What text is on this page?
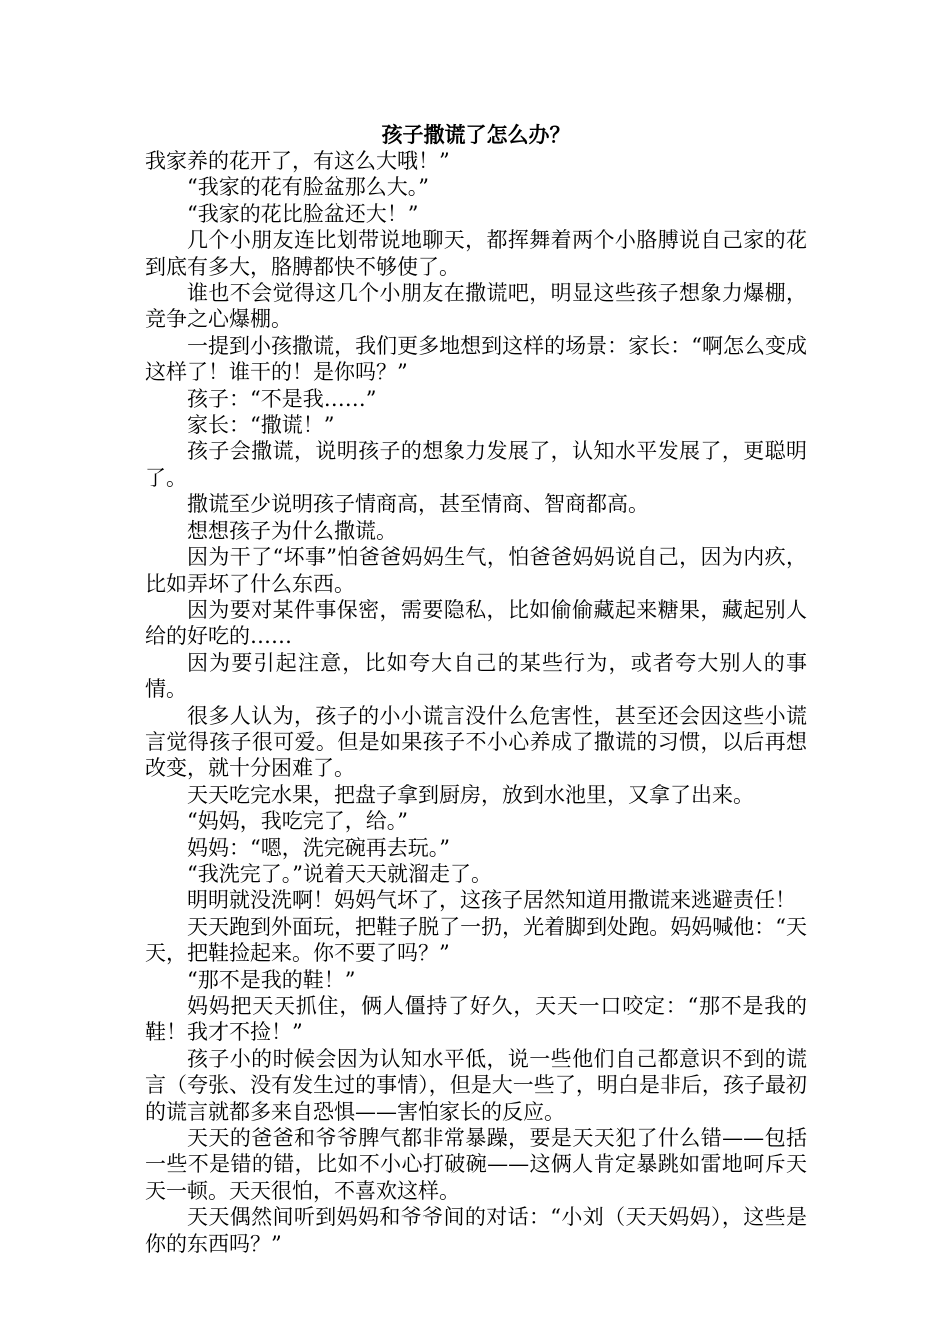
孩子撒谎了怎么办？

我家养的花开了，有这么大哦！”

“我家的花有脸盆那么大。”

“我家的花比脸盆还大！”

几个小朋友连比划带说地聊天，都挥舞着两个小胳膊说自己家的花到底有多大，胳膊都快不够使了。

谁也不会觉得这几个小朋友在撒谎吧，明显这些孩子想象力爆棚，竞争之心爆棚。

一提到小孩撒谎，我们更多地想到这样的场景：家长：“啊怎么变成这样了！谁干的！是你吗？”

孩子：“不是我……”

家长：“撒谎！”

孩子会撒谎，说明孩子的想象力发展了，认知水平发展了，更聪明了。

撒谎至少说明孩子情商高，甚至情商、智商都高。

想想孩子为什么撒谎。

因为干了“坏事”怕爸爸妈妈生气，怕爸爸妈妈说自己，因为内疚，比如弄坏了什么东西。

因为要对某件事保密，需要隐私，比如偷偷藏起来糖果，藏起别人给的好吃的……

因为要引起注意，比如夸大自己的某些行为，或者夸大别人的事情。

很多人认为，孩子的小小谎言没什么危害性，甚至还会因这些小谎言觉得孩子很可爱。但是如果孩子不小心养成了撒谎的习惯，以后再想改变，就十分困难了。

天天吃完水果，把盘子拿到厨房，放到水池里，又拿了出来。

“妈妈，我吃完了，给。”

妈妈：“嗯，洗完碗再去玩。”

“我洗完了。”说着天天就溜走了。

明明就没洗啊！妈妈气坏了，这孩子居然知道用撒谎来逃避责任！

天天跑到外面玩，把鞋子脱了一扔，光着脚到处跑。妈妈喊他：“天天，把鞋捡起来。你不要了吗？”

“那不是我的鞋！”

妈妈把天天抓住，俩人僵持了好久，天天一口咬定：“那不是我的鞋！我才不捡！”

孩子小的时候会因为认知水平低，说一些他们自己都意识不到的谎言（夸张、没有发生过的事情），但是大一些了，明白是非后，孩子最初的谎言就都多来自恐惧——害怕家长的反应。

天天的爸爸和爷爷脾气都非常暴躁，要是天天犯了什么错——包括一些不是错的错，比如不小心打破碗——这俩人肯定暴跳如雷地呵斥天天一顿。天天很怕，不喜欢这样。

天天偶然间听到妈妈和爷爷间的对话：“小刘（天天妈妈），这些是你的东西吗？”
